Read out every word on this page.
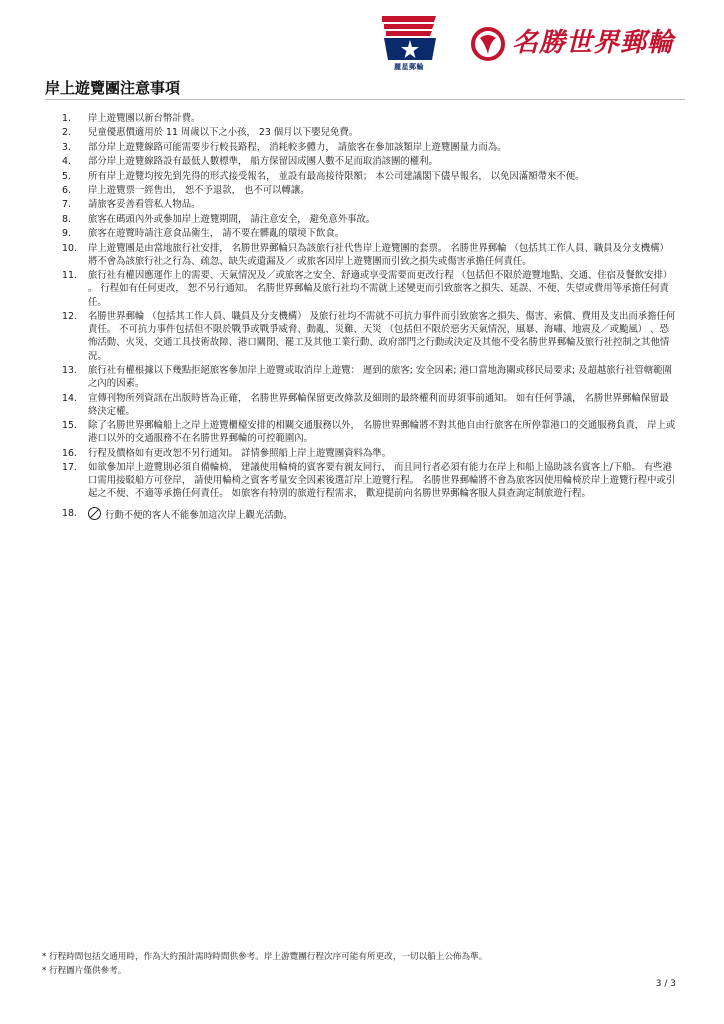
麗星郵輪
名勝世界郵輪
岸上遊覽團注意事項
1.	岸上遊覽團以新台幣計費。
2.	兒童優惠價適用於 11 周歲以下之小孩， 23 個月以下嬰兒免費。
3.	部分岸上遊覽線路可能需要步行較長路程， 消耗較多體力， 請旅客在參加該類岸上遊覽團量力而為。
4.	部分岸上遊覽線路設有最低人數標準， 船方保留因成團人數不足而取消該團的權利。
5.	所有岸上遊覽均按先到先得的形式接受報名， 並設有最高接待限額； 本公司建議閣下儘早報名， 以免因滿額帶來不便。
6.	岸上遊覽票一經售出， 恕不予退款， 也不可以轉讓。
7.	請旅客妥善看管私人物品。
8.	旅客在碼頭內外或參加岸上遊覽期間， 請注意安全， 避免意外事故。
9.	旅客在遊覽時請注意食品衛生， 請不要在髒亂的環境下飲食。
10.	岸上遊覽團是由當地旅行社安排， 名勝世界郵輪只為該旅行社代售岸上遊覽團的套票。 名勝世界郵輪 （包括其工作人員、職員及分支機構） 將不會為該旅行社之行為、疏忽、缺失或遺漏及／ 或旅客因岸上遊覽團而引致之損失或傷害承擔任何責任。
11.	旅行社有權因應運作上的需要、天氣情況及／或旅客之安全、舒適或享受需要而更改行程 （包括但不限於遊覽地點、交通、住宿及餐飲安排） 。 行程如有任何更改， 恕不另行通知。 名勝世界郵輪及旅行社均不需就上述變更而引致旅客之損失、延誤、不便、失望或費用等承擔任何責任。
12.	名勝世界郵輪 （包括其工作人員、職員及分支機構） 及旅行社均不需就不可抗力事件而引致旅客之損失、傷害、索償、費用及支出而承擔任何責任。 不可抗力事件包括但不限於戰爭或戰爭威脅、動亂、災難、天災 （包括但不限於惡劣天氣情況、風暴、海嘯、地震及／或颱風） 、恐怖活動、火災、交通工具技術故障、港口關閉、罷工及其他工業行動、政府部門之行動或決定及其他不受名勝世界郵輪及旅行社控制之其他情況。
13.	旅行社有權根據以下幾點拒絕旅客參加岸上遊覽或取消岸上遊覽： 遲到的旅客; 安全因素; 港口當地海關或移民局要求; 及超越旅行社管轄範圍之內的因素。
14.	宣傳刊物所列資訊在出版時皆為正確， 名勝世界郵輪保留更改條款及細則的最終權利而毋須事前通知。 如有任何爭議， 名勝世界郵輪保留最終決定權。
15.	除了名勝世界郵輪船上之岸上遊覽櫃檯安排的相關交通服務以外， 名勝世界郵輪將不對其他自由行旅客在所停靠港口的交通服務負責， 岸上或港口以外的交通服務不在名勝世界郵輪的可控範圍內。
16.	行程及價格如有更改恕不另行通知。 詳情參照船上岸上遊覽團資料為準。
17.	如欲參加岸上遊覽則必須自備輪椅， 建議使用輪椅的賓客要有親友同行， 而且同行者必須有能力在岸上和船上協助該名賓客上/下船。 有些港口需用接駁船方可登岸， 請使用輪椅之賓客考量安全因素後選訂岸上遊覽行程。 名勝世界郵輪將不會為旅客因使用輪椅於岸上遊覽行程中或引起之不便、不適等承擔任何責任。 如旅客有特別的旅遊行程需求， 歡迎提前向名勝世界郵輪客服人員查詢定制旅遊行程。
18.	行動不便的客人不能參加這次岸上觀光活動。
* 行程時間包括交通用時，作為大約預計需時時間供參考。岸上游覽團行程次序可能有所更改，一切以船上公佈為準。
* 行程圖片僅供參考。
3 / 3
